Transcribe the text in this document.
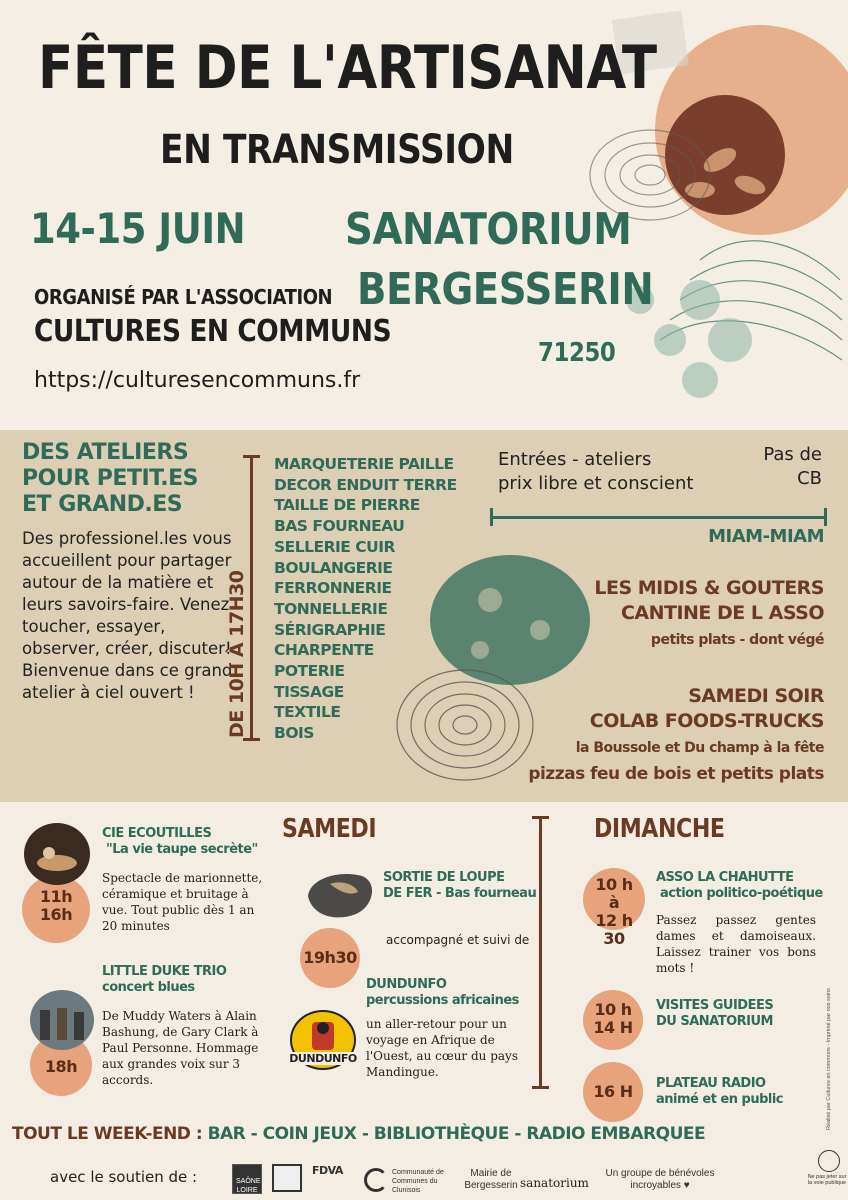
FÊTE DE L'ARTISANAT
EN TRANSMISSION
14-15 JUIN SANATORIUM
BERGESSERIN
71250
ORGANISÉ PAR L'ASSOCIATION
CULTURES EN COMMUNS
https://culturesencommuns.fr
DES ATELIERS
POUR PETIT.ES
ET GRAND.ES
Des professionel.les vous accueillent pour partager autour de la matière et leurs savoirs-faire. Venez toucher, essayer, observer, créer, discuter! Bienvenue dans ce grand atelier à ciel ouvert !	DE 10H À 17H30
MARQUETERIE PAILLE
DECOR ENDUIT TERRE
TAILLE DE PIERRE
BAS FOURNEAU
SELLERIE CUIR
BOULANGERIE
FERRONNERIE
TONNELLERIE
SÉRIGRAPHIE
CHARPENTE
POTERIE
TISSAGE
TEXTILE
BOIS
Entrées - ateliers
prix libre et conscient
Pas de
CB
MIAM-MIAM
LES MIDIS & GOUTERS
CANTINE DE L ASSO
petits plats - dont végé
SAMEDI SOIR
COLAB FOODS-TRUCKS
la Boussole et Du champ à la fête
pizzas feu de bois et petits plats
SAMEDI	DIMANCHE
11h
16h
CIE ECOUTILLES
"La vie taupe secrète"
Spectacle de marionnette, céramique et bruitage à vue. Tout public dès 1 an 20 minutes
LITTLE DUKE TRIO
concert blues
18h
De Muddy Waters à Alain Bashung, de Gary Clark à Paul Personne. Hommage aux grandes voix sur 3 accords.
19h30
SORTIE DE LOUPE
DE FER - Bas fourneau
accompagné et suivi de
DUNDUNFO
percussions africaines
DUNDUNFO
un aller-retour pour un voyage en Afrique de l'Ouest, au cœur du pays Mandingue.
10 h
à
12 h
30
ASSO LA CHAHUTTE
action politico-poétique
Passez passez gentes dames et damoiseaux. Laissez trainer vos bons mots !
10 h
14 H
VISITES GUIDEES
DU SANATORIUM
16 H	PLATEAU RADIO
animé et en public	Réalisé par Cultures en communs - Imprimé par nos soins
TOUT LE WEEK-END : BAR - COIN JEUX - BIBLIOTHÈQUE - RADIO EMBARQUEE
avec le soutien de :	SAÔNE LOIRE
FDVA	Communauté de Communes du Clunisois
Mairie de Bergesserin sanatorium
Un groupe de bénévoles
incroyables ♥
Ne pas jeter sur la voie publique
